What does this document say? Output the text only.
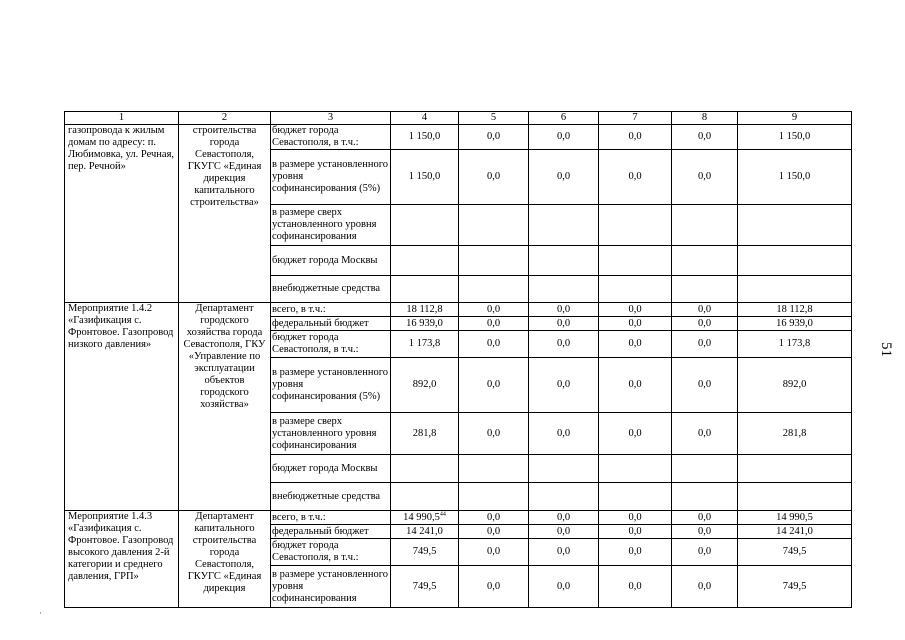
1	2	3	4	5	6	7	8	9
газопровода к жилым домам по адресу: п. Любимовка, ул. Речная, пер. Речной»	строительства города Севастополя, ГКУГС «Единая дирекция капитального строительства»	бюджет города Севастополя, в т.ч.:	1 150,0	0,0	0,0	0,0	0,0	1 150,0
		в размере установленного уровня софинансирования (5%)	1 150,0	0,0	0,0	0,0	0,0	1 150,0
		в размере сверх установленного уровня софинансирования						
		бюджет города Москвы						
		внебюджетные средства						
Мероприятие 1.4.2 «Газификация с. Фронтовое. Газопровод низкого давления»	Департамент городского хозяйства города Севастополя, ГКУ «Управление по эксплуатации объектов городского хозяйства»	всего, в т.ч.:	18 112,8	0,0	0,0	0,0	0,0	18 112,8
		федеральный бюджет	16 939,0	0,0	0,0	0,0	0,0	16 939,0
		бюджет города Севастополя, в т.ч.:	1 173,8	0,0	0,0	0,0	0,0	1 173,8
		в размере установленного уровня софинансирования (5%)	892,0	0,0	0,0	0,0	0,0	892,0
		в размере сверх установленного уровня софинансирования	281,8	0,0	0,0	0,0	0,0	281,8
		бюджет города Москвы						
		внебюджетные средства						
Мероприятие 1.4.3 «Газификация с. Фронтовое. Газопровод высокого давления 2-й категории и среднего давления, ГРП»	Департамент капитального строительства города Севастополя, ГКУГС «Единая дирекция	всего, в т.ч.:	14 990,5$^{44}$	0,0	0,0	0,0	0,0	14 990,5
		федеральный бюджет	14 241,0	0,0	0,0	0,0	0,0	14 241,0
		бюджет города Севастополя, в т.ч.:	749,5	0,0	0,0	0,0	0,0	749,5
		в размере установленного уровня софинансирования	749,5	0,0	0,0	0,0	0,0	749,5
51
·
